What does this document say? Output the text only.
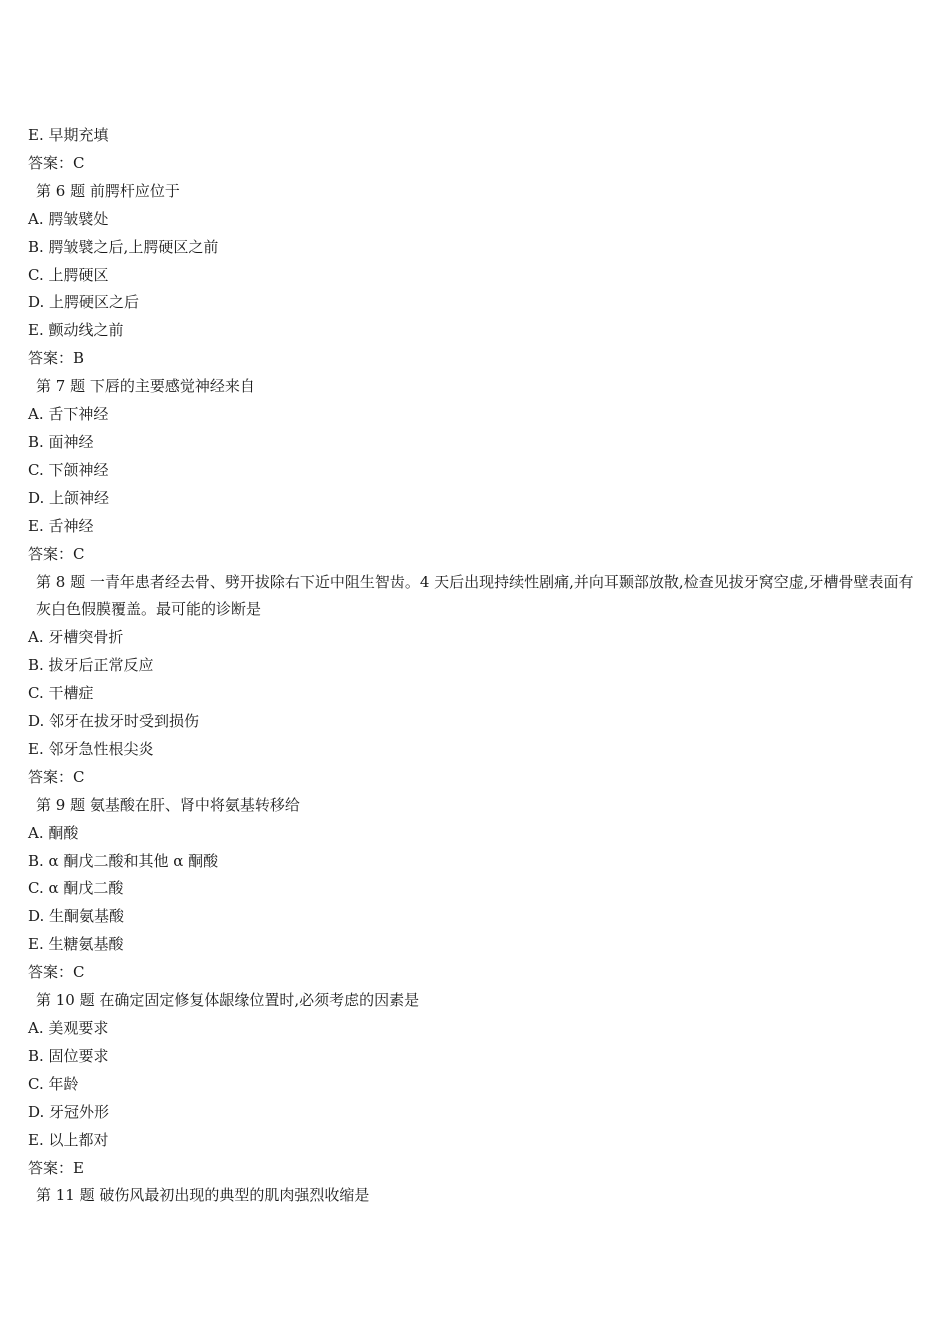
E. 早期充填

答案：C

第 6 题 前腭杆应位于

A. 腭皱襞处

B. 腭皱襞之后,上腭硬区之前

C. 上腭硬区

D. 上腭硬区之后

E. 颤动线之前

答案：B

第 7 题 下唇的主要感觉神经来自

A. 舌下神经

B. 面神经

C. 下颌神经

D. 上颌神经

E. 舌神经

答案：C

第 8 题 一青年患者经去骨、劈开拔除右下近中阻生智齿。4 天后出现持续性剧痛,并向耳颞部放散,检查见拔牙窝空虚,牙槽骨壁表面有灰白色假膜覆盖。最可能的诊断是

A. 牙槽突骨折

B. 拔牙后正常反应

C. 干槽症

D. 邻牙在拔牙时受到损伤

E. 邻牙急性根尖炎

答案：C

第 9 题 氨基酸在肝、肾中将氨基转移给

A. 酮酸

B. α 酮戊二酸和其他 α 酮酸

C. α 酮戊二酸

D. 生酮氨基酸

E. 生糖氨基酸

答案：C

第 10 题 在确定固定修复体龈缘位置时,必须考虑的因素是

A. 美观要求

B. 固位要求

C. 年龄

D. 牙冠外形

E. 以上都对

答案：E

第 11 题 破伤风最初出现的典型的肌肉强烈收缩是
